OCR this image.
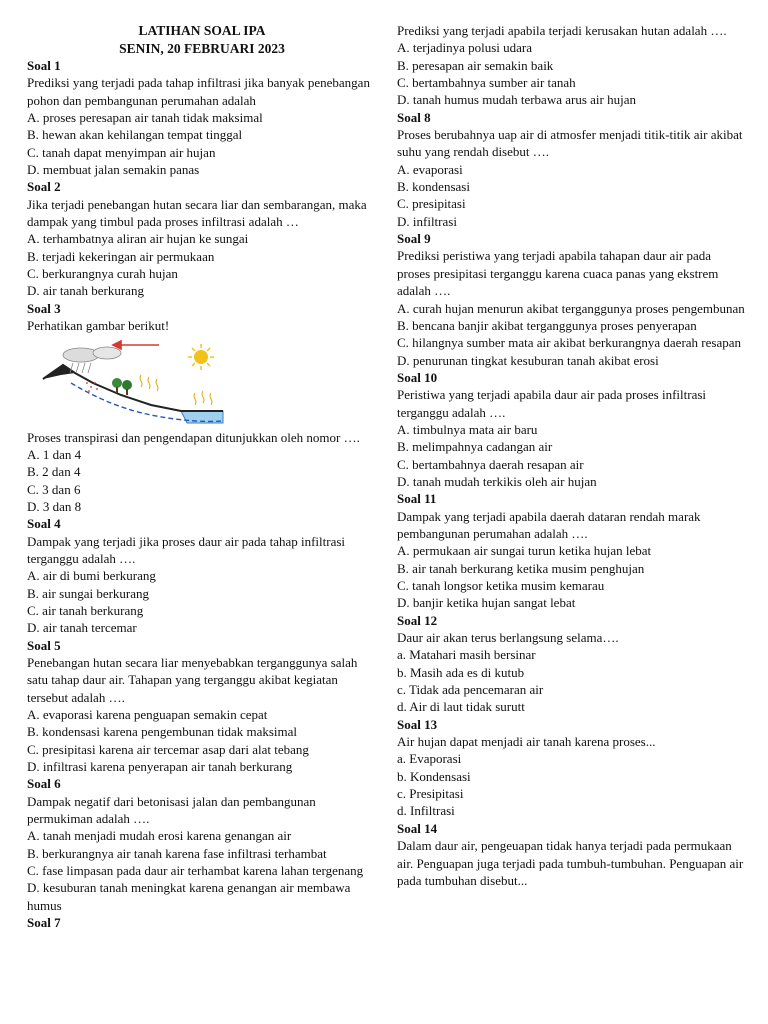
LATIHAN SOAL IPA
SENIN, 20 FEBRUARI 2023
Soal 1

Prediksi yang terjadi pada tahap infiltrasi jika banyak penebangan pohon dan pembangunan perumahan adalah

A. proses peresapan air tanah tidak maksimal
B. hewan akan kehilangan tempat tinggal
C. tanah dapat menyimpan air hujan
D. membuat jalan semakin panas
Soal 2

Jika terjadi penebangan hutan secara liar dan sembarangan, maka dampak yang timbul pada proses infiltrasi adalah …

A. terhambatnya aliran air hujan ke sungai
B. terjadi kekeringan air permukaan
C. berkurangnya curah hujan
D. air tanah berkurang
Soal 3

Perhatikan gambar berikut!

Proses transpirasi dan pengendapan ditunjukkan oleh nomor ….

A. 1 dan 4
B. 2 dan 4
C. 3 dan 6
D. 3 dan 8
Soal 4

Dampak yang terjadi jika proses daur air pada tahap infiltrasi terganggu adalah ….

A. air di bumi berkurang
B. air sungai berkurang
C. air tanah berkurang
D. air tanah tercemar
Soal 5

Penebangan hutan secara liar menyebabkan terganggunya salah satu tahap daur air. Tahapan yang terganggu akibat kegiatan tersebut adalah ….

A. evaporasi karena penguapan semakin cepat
B. kondensasi karena pengembunan tidak maksimal
C. presipitasi karena air tercemar asap dari alat tebang
D. infiltrasi karena penyerapan air tanah berkurang
Soal 6

Dampak negatif dari betonisasi jalan dan pembangunan permukiman adalah ….

A. tanah menjadi mudah erosi karena genangan air
B. berkurangnya air tanah karena fase infiltrasi terhambat
C. fase limpasan pada daur air terhambat karena lahan tergenang
D. kesuburan tanah meningkat karena genangan air membawa humus
Soal 7

Prediksi yang terjadi apabila terjadi kerusakan hutan adalah ….

A. terjadinya polusi udara
B. peresapan air semakin baik
C. bertambahnya sumber air tanah
D. tanah humus mudah terbawa arus air hujan
Soal 8

Proses berubahnya uap air di atmosfer menjadi titik-titik air akibat suhu yang rendah disebut ….

A. evaporasi
B. kondensasi
C. presipitasi
D. infiltrasi
Soal 9

Prediksi peristiwa yang terjadi apabila tahapan daur air pada proses presipitasi terganggu karena cuaca panas yang ekstrem adalah ….

A. curah hujan menurun akibat terganggunya proses pengembunan
B. bencana banjir akibat terganggunya proses penyerapan
C. hilangnya sumber mata air akibat berkurangnya daerah resapan
D. penurunan tingkat kesuburan tanah akibat erosi
Soal 10

Peristiwa yang terjadi apabila daur air pada proses infiltrasi terganggu adalah ….

A. timbulnya mata air baru
B. melimpahnya cadangan air
C. bertambahnya daerah resapan air
D. tanah mudah terkikis oleh air hujan
Soal 11

Dampak yang terjadi apabila daerah dataran rendah marak pembangunan perumahan adalah ….

A. permukaan air sungai turun ketika hujan lebat
B. air tanah berkurang ketika musim penghujan
C. tanah longsor ketika musim kemarau
D. banjir ketika hujan sangat lebat
Soal 12

Daur air akan terus berlangsung selama….

a. Matahari masih bersinar
b. Masih ada es di kutub
c. Tidak ada pencemaran air
d. Air di laut tidak surutt
Soal 13

Air hujan dapat menjadi air tanah karena proses...

a. Evaporasi
b. Kondensasi
c. Presipitasi
d. Infiltrasi
Soal 14

Dalam daur air, pengeuapan tidak hanya terjadi pada permukaan air. Penguapan juga terjadi pada tumbuh-tumbuhan. Penguapan air pada tumbuhan disebut...
